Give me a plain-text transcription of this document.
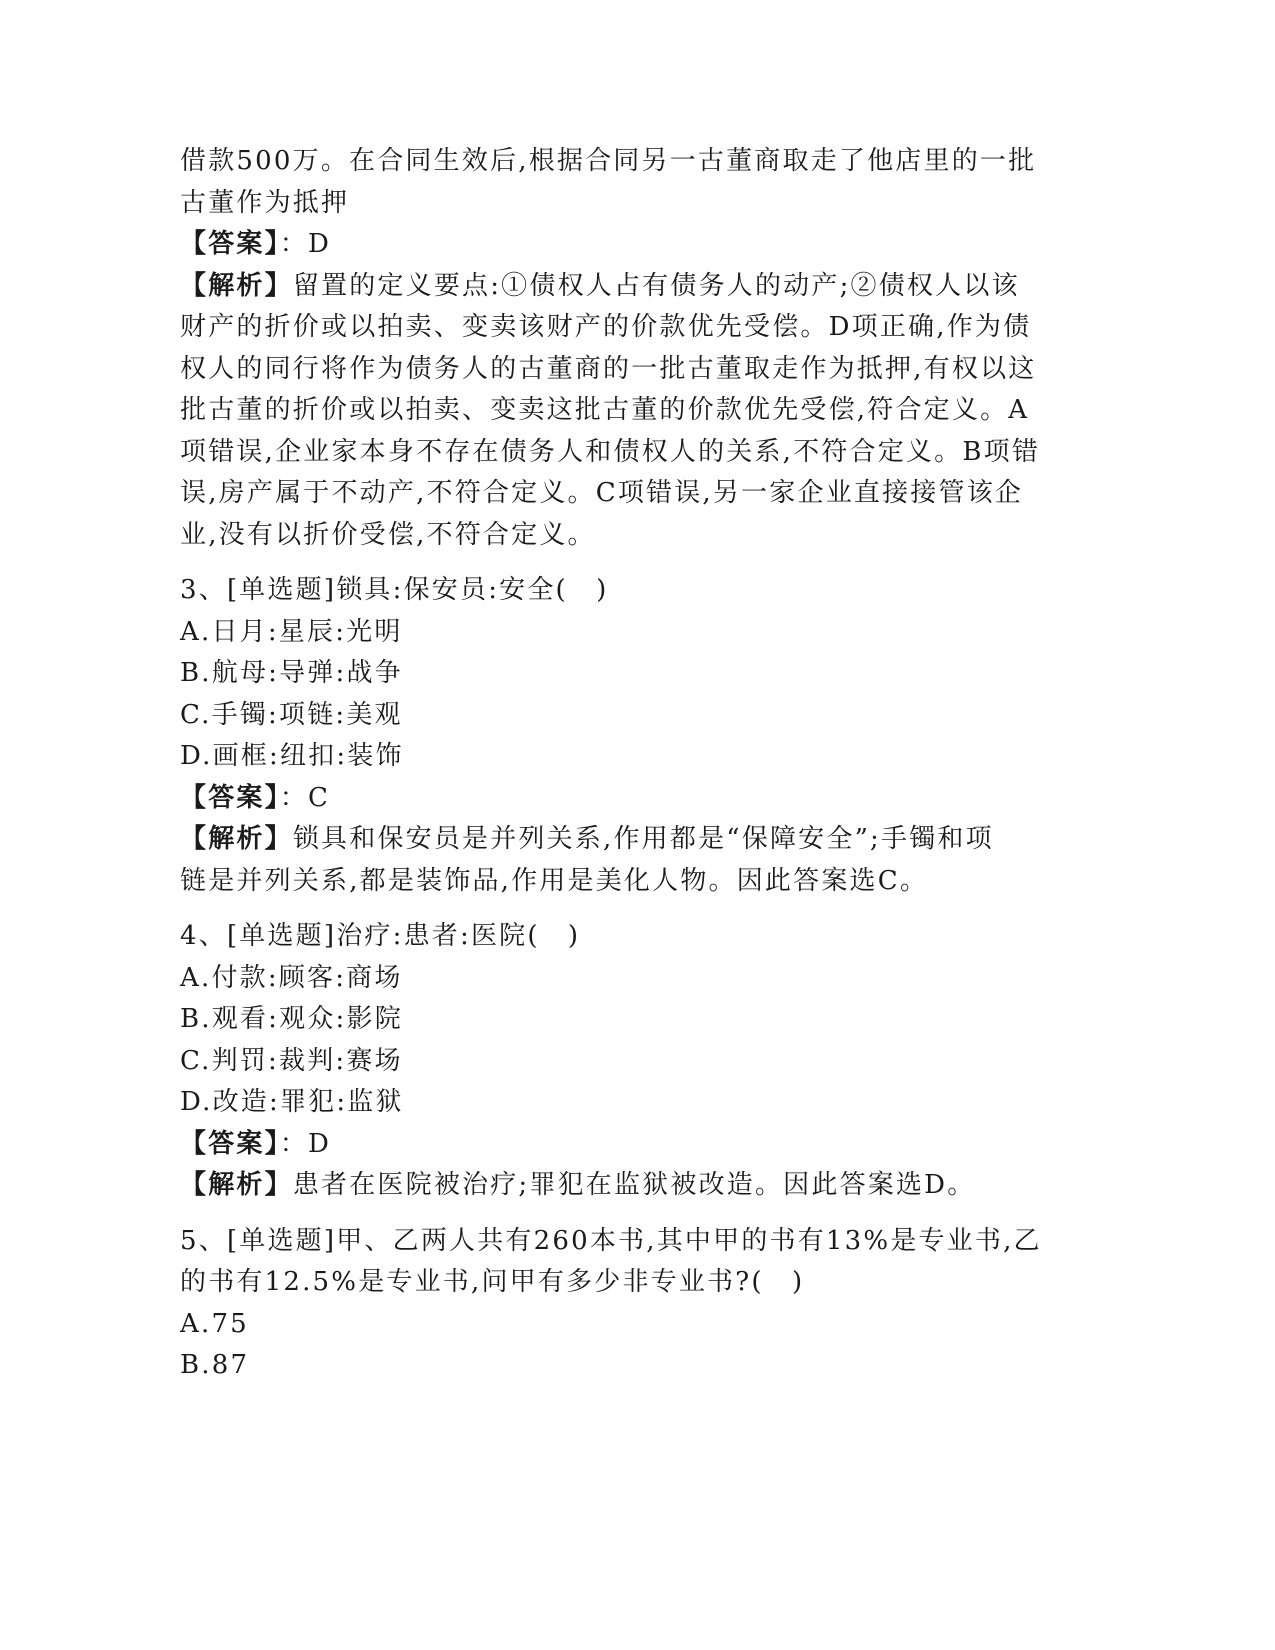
借款500万。在合同生效后,根据合同另一古董商取走了他店里的一批
古董作为抵押
【答案】：D
【解析】留置的定义要点:①债权人占有债务人的动产;②债权人以该
财产的折价或以拍卖、变卖该财产的价款优先受偿。D项正确,作为债
权人的同行将作为债务人的古董商的一批古董取走作为抵押,有权以这
批古董的折价或以拍卖、变卖这批古董的价款优先受偿,符合定义。A
项错误,企业家本身不存在债务人和债权人的关系,不符合定义。B项错
误,房产属于不动产,不符合定义。C项错误,另一家企业直接接管该企
业,没有以折价受偿,不符合定义。
3、[单选题]锁具:保安员:安全(　)
A.日月:星辰:光明
B.航母:导弹:战争
C.手镯:项链:美观
D.画框:纽扣:装饰
【答案】：C
【解析】锁具和保安员是并列关系,作用都是“保障安全”;手镯和项
链是并列关系,都是装饰品,作用是美化人物。因此答案选C。
4、[单选题]治疗:患者:医院(　)
A.付款:顾客:商场
B.观看:观众:影院
C.判罚:裁判:赛场
D.改造:罪犯:监狱
【答案】：D
【解析】患者在医院被治疗;罪犯在监狱被改造。因此答案选D。
5、[单选题]甲、乙两人共有260本书,其中甲的书有13%是专业书,乙
的书有12.5%是专业书,问甲有多少非专业书?(　)
A.75
B.87
